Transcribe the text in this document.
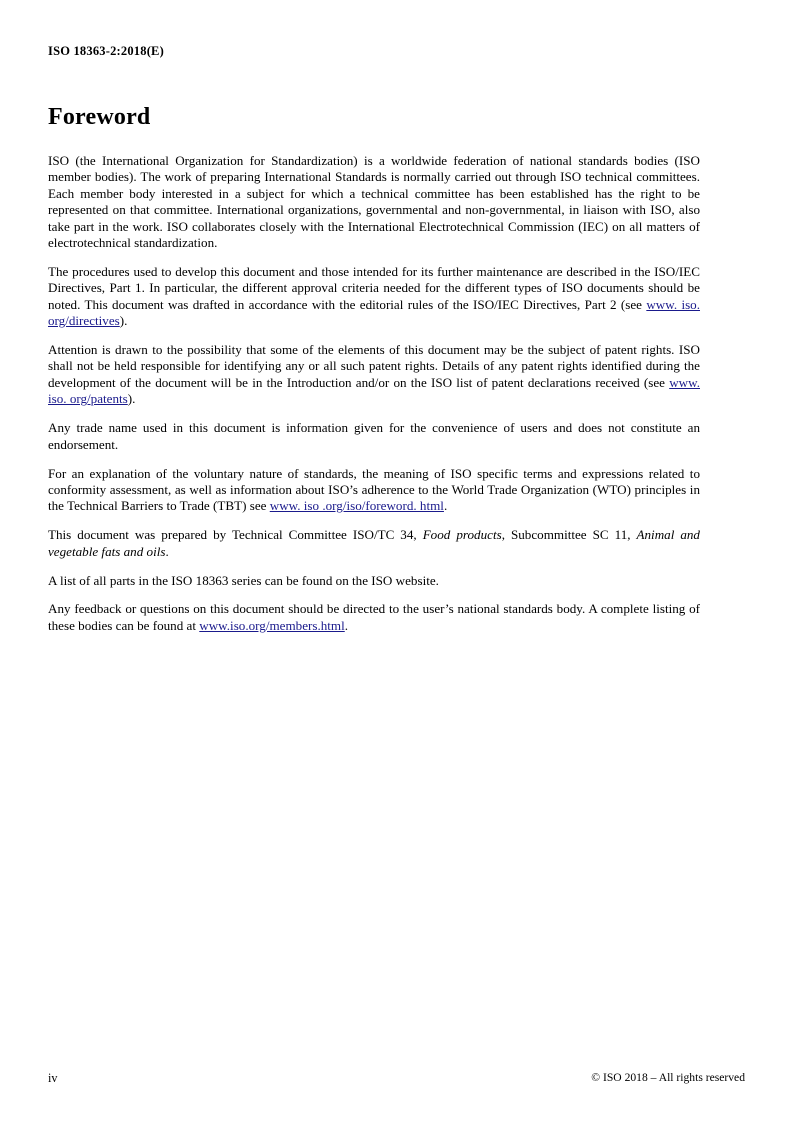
ISO 18363-2:2018(E)
Foreword

ISO (the International Organization for Standardization) is a worldwide federation of national standards bodies (ISO member bodies). The work of preparing International Standards is normally carried out through ISO technical committees. Each member body interested in a subject for which a technical committee has been established has the right to be represented on that committee. International organizations, governmental and non-governmental, in liaison with ISO, also take part in the work. ISO collaborates closely with the International Electrotechnical Commission (IEC) on all matters of electrotechnical standardization.

The procedures used to develop this document and those intended for its further maintenance are described in the ISO/IEC Directives, Part 1. In particular, the different approval criteria needed for the different types of ISO documents should be noted. This document was drafted in accordance with the editorial rules of the ISO/IEC Directives, Part 2 (see www. iso. org/directives).

Attention is drawn to the possibility that some of the elements of this document may be the subject of patent rights. ISO shall not be held responsible for identifying any or all such patent rights. Details of any patent rights identified during the development of the document will be in the Introduction and/or on the ISO list of patent declarations received (see www. iso. org/patents).

Any trade name used in this document is information given for the convenience of users and does not constitute an endorsement.

For an explanation of the voluntary nature of standards, the meaning of ISO specific terms and expressions related to conformity assessment, as well as information about ISO’s adherence to the World Trade Organization (WTO) principles in the Technical Barriers to Trade (TBT) see www. iso .org/iso/foreword. html.

This document was prepared by Technical Committee ISO/TC 34, Food products, Subcommittee SC 11, Animal and vegetable fats and oils.

A list of all parts in the ISO 18363 series can be found on the ISO website.

Any feedback or questions on this document should be directed to the user’s national standards body. A complete listing of these bodies can be found at www.iso.org/members.html.

iv	© ISO 2018 – All rights reserved
